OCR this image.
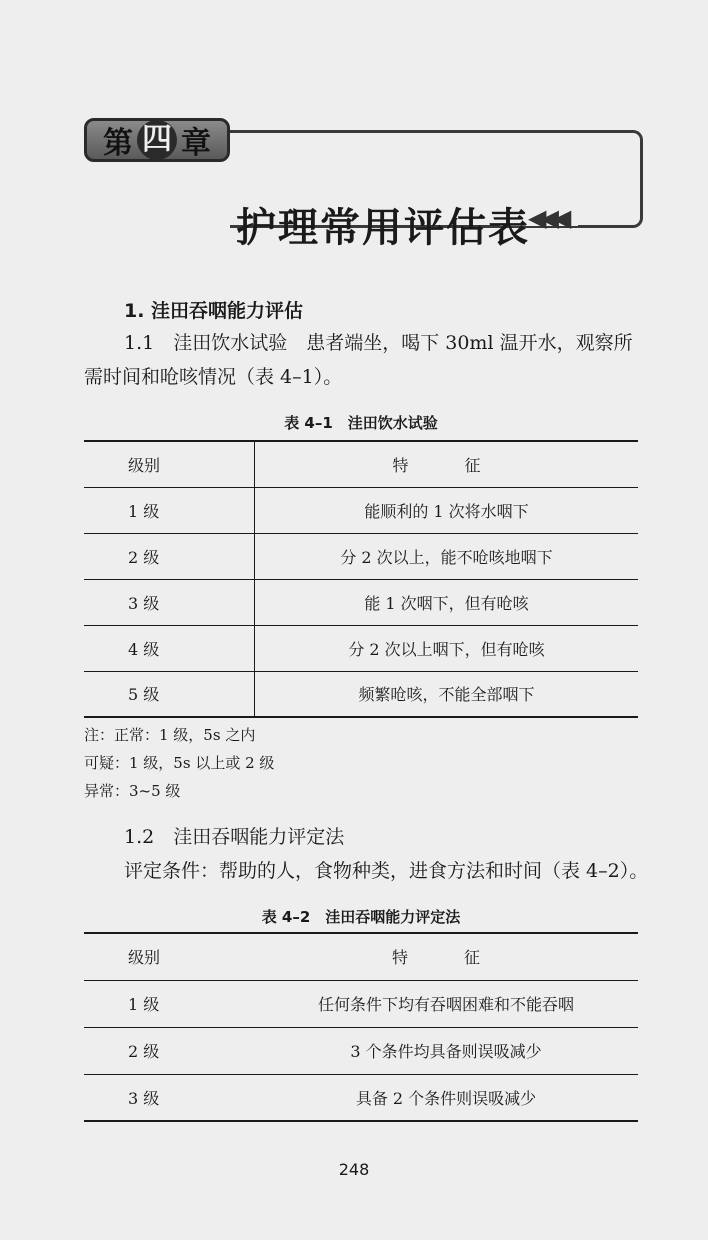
第 四 章
护理常用评估表
◀◀◀
1. 洼田吞咽能力评估
1.1　洼田饮水试验　患者端坐，喝下 30ml 温开水，观察所
需时间和呛咳情况（表 4–1）。
表 4–1　洼田饮水试验
级别	特　征
1 级	能顺利的 1 次将水咽下
2 级	分 2 次以上，能不呛咳地咽下
3 级	能 1 次咽下，但有呛咳
4 级	分 2 次以上咽下，但有呛咳
5 级	频繁呛咳，不能全部咽下
注：正常：1 级，5s 之内
可疑：1 级，5s 以上或 2 级
异常：3~5 级
1.2　洼田吞咽能力评定法
评定条件：帮助的人，食物种类，进食方法和时间（表 4–2）。
表 4–2　洼田吞咽能力评定法
级别	特　征
1 级	任何条件下均有吞咽困难和不能吞咽
2 级	3 个条件均具备则误吸减少
3 级	具备 2 个条件则误吸减少
248
